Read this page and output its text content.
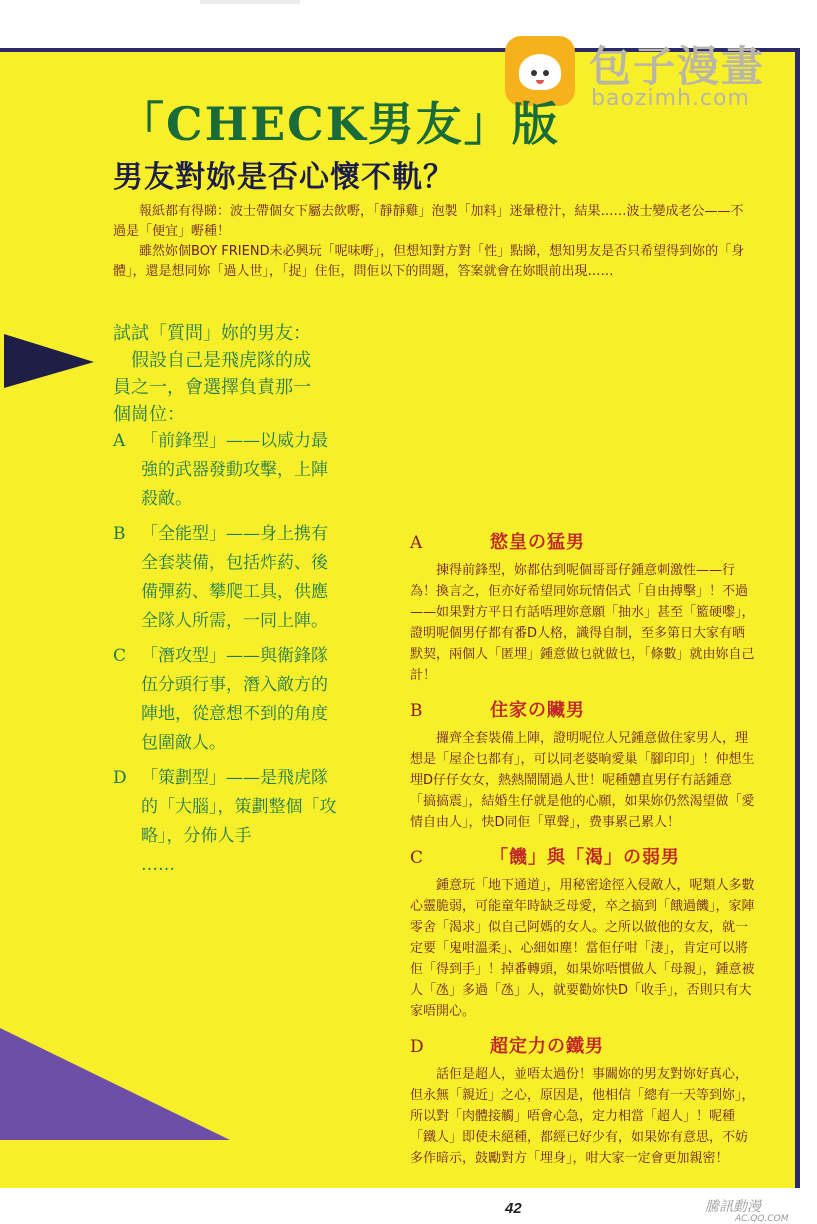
包子漫畫
baozimh.com
「CHECK男友」版
男友對妳是否心懷不軌？

報紙都有得睇：波士帶個女下屬去飲嘢，「靜靜雞」泡製「加料」迷暈橙汁，結果……波士變成老公——不過是「便宜」嘢種！

雖然妳個BOY FRIEND未必興玩「呢味嘢」，但想知對方對「性」點睇，想知男友是否只希望得到妳的「身體」，還是想同妳「過人世」，「捉」住佢，問佢以下的問題，答案就會在妳眼前出現……

試試「質問」妳的男友：

假設自己是飛虎隊的成員之一，會選擇負責那一個崗位：

A 「前鋒型」——以威力最強的武器發動攻擊，上陣殺敵。
B 「全能型」——身上携有全套裝備，包括炸葯、後備彈葯、攀爬工具，供應全隊人所需，一同上陣。
C 「潛攻型」——與衛鋒隊伍分頭行事，潛入敵方的陣地，從意想不到的角度包圍敵人。
D 「策劃型」——是飛虎隊的「大腦」，策劃整個「攻略」，分佈人手
……
A	慾皇の猛男

揀得前鋒型，妳都估到呢個哥哥仔鍾意刺激性——行為！換言之，佢亦好希望同妳玩情侶式「自由搏擊」！不過——如果對方平日冇話唔理妳意願「抽水」甚至「籃硬嚟」，證明呢個男仔都有番D人格，識得自制，至多第日大家有晒默契，兩個人「匿埋」鍾意做乜就做乜，「條數」就由妳自己計！

B	住家の贜男

攞齊全套裝備上陣，證明呢位人兄鍾意做住家男人，理想是「屋企乜都有」，可以同老婆晌愛巢「腳印印」！仲想生埋D仔仔女女，熱熱鬧鬧過人世！呢種戇直男仔冇話鍾意「搞搞震」，結婚生仔就是他的心願，如果妳仍然渴望做「愛情自由人」，快D同佢「單聲」，费事累己累人！

C	「饑」與「渴」の弱男

鍾意玩「地下通道」，用秘密途徑入侵敵人，呢類人多數心靈脆弱，可能童年時缺乏母愛，卒之搞到「餓過饑」，家陣零舍「渴求」似自己阿媽的女人。之所以做他的女友，就一定要「鬼咁溫柔」、心細如塵！當佢仔咁「淒」，肯定可以將佢「得到手」！掉番轉頭，如果妳唔慣做人「母親」，鍾意被人「氹」多過「氹」人，就要勸妳快D「收手」，否則只有大家唔開心。

D	超定力の鐵男

話佢是超人，並唔太過份！事關妳的男友對妳好真心，但永無「親近」之心，原因是，他相信「總有一天等到妳」，所以對「肉體接觸」唔會心急，定力相當「超人」！呢種「鐵人」即使未絕種，都經已好少有，如果妳有意思，不妨多作暗示，鼓勵對方「埋身」，咁大家一定會更加親密！

42	騰訊動漫
AC.QQ.COM
